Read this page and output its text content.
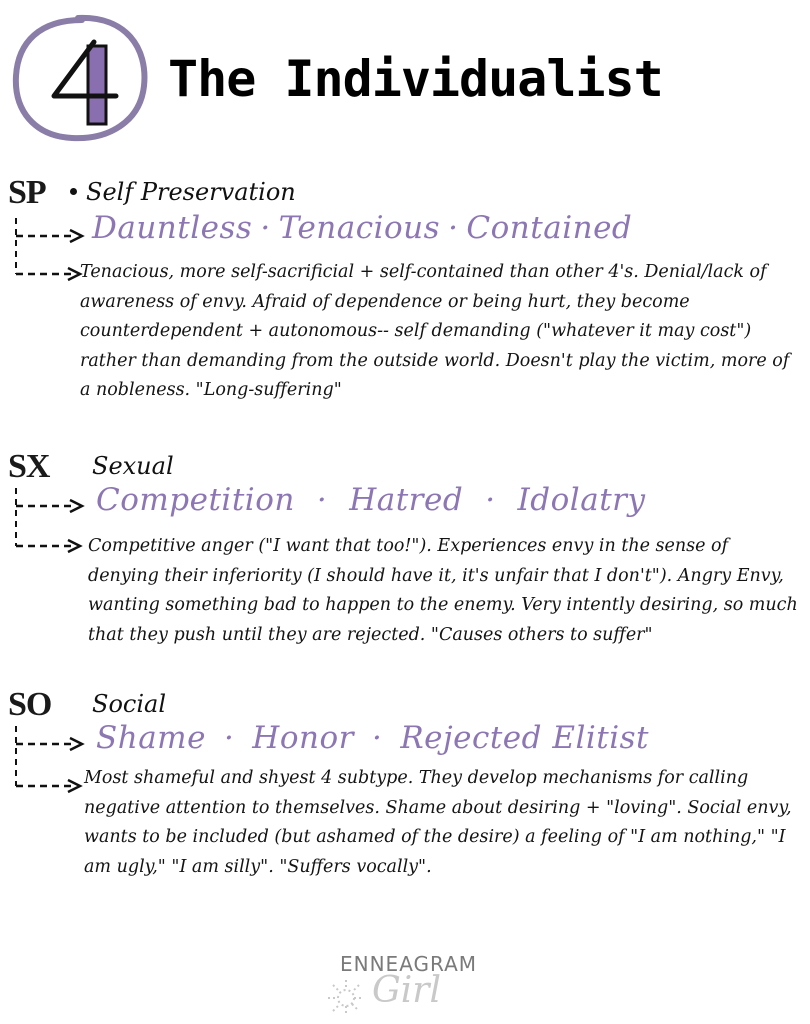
The Individualist
SP Self Preservation
Dauntless · Tenacious · Contained
Tenacious, more self-sacrificial + self-contained than other 4's. Denial/lack of awareness of envy. Afraid of dependence or being hurt, they become counterdependent + autonomous-- self demanding ("whatever it may cost") rather than demanding from the outside world. Doesn't play the victim, more of a nobleness. "Long-suffering"
SX Sexual
Competition · Hatred · Idolatry
Competitive anger ("I want that too!"). Experiences envy in the sense of denying their inferiority (I should have it, it's unfair that I don't"). Angry Envy, wanting something bad to happen to the enemy. Very intently desiring, so much that they push until they are rejected. "Causes others to suffer"
SO Social
Shame · Honor · Rejected Elitist
Most shameful and shyest 4 subtype. They develop mechanisms for calling negative attention to themselves. Shame about desiring + "loving". Social envy, wants to be included (but ashamed of the desire) a feeling of "I am nothing," "I am ugly," "I am silly". "Suffers vocally".
ENNEAGRAM
Girl
